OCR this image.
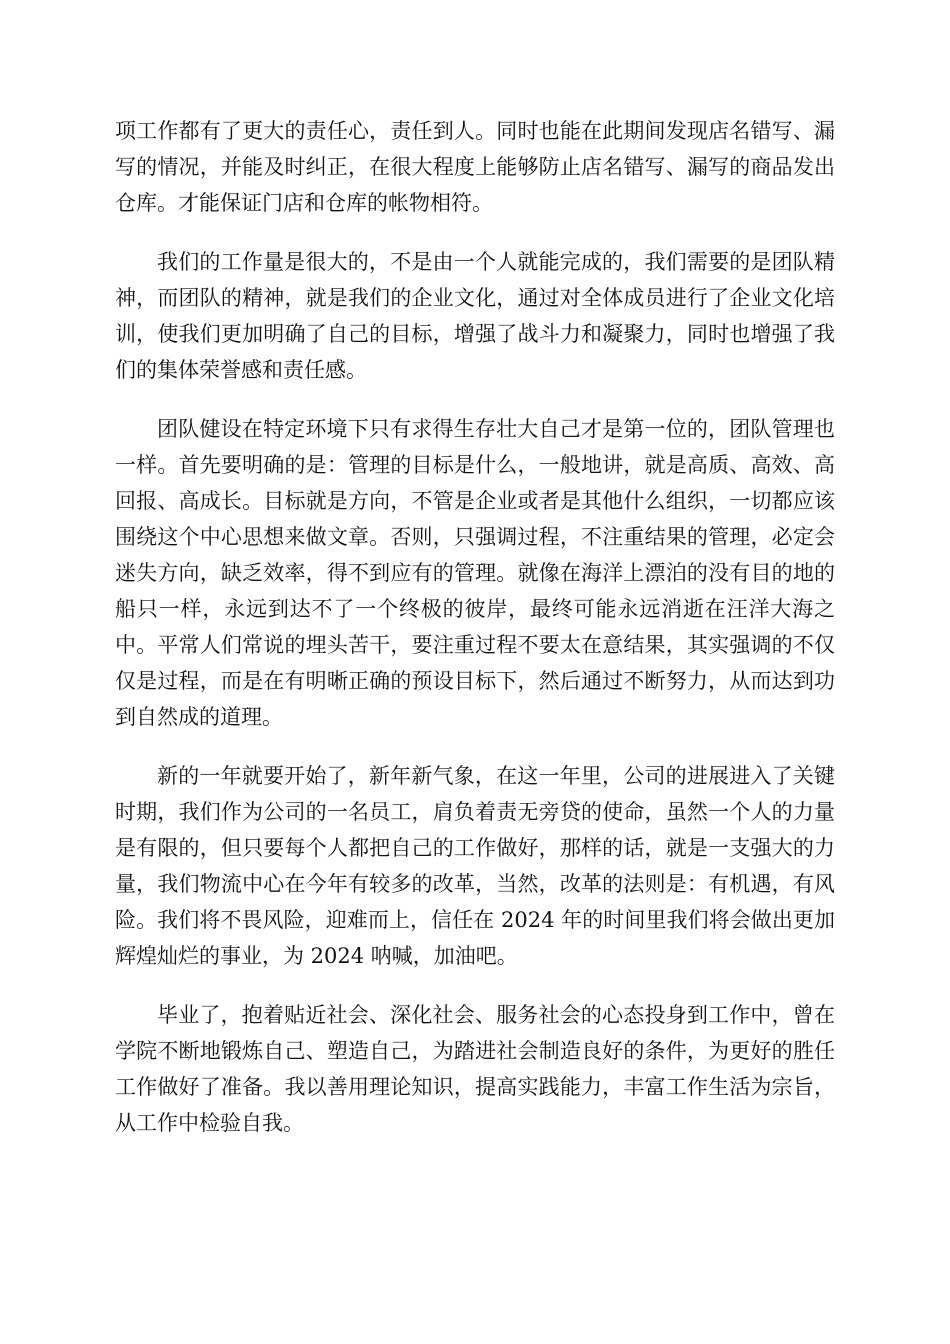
项工作都有了更大的责任心，责任到人。同时也能在此期间发现店名错写、漏写的情况，并能及时纠正，在很大程度上能够防止店名错写、漏写的商品发出仓库。才能保证门店和仓库的帐物相符。

我们的工作量是很大的，不是由一个人就能完成的，我们需要的是团队精神，而团队的精神，就是我们的企业文化，通过对全体成员进行了企业文化培训，使我们更加明确了自己的目标，增强了战斗力和凝聚力，同时也增强了我们的集体荣誉感和责任感。

团队健设在特定环境下只有求得生存壮大自己才是第一位的，团队管理也一样。首先要明确的是：管理的目标是什么，一般地讲，就是高质、高效、高回报、高成长。目标就是方向，不管是企业或者是其他什么组织，一切都应该围绕这个中心思想来做文章。否则，只强调过程，不注重结果的管理，必定会迷失方向，缺乏效率，得不到应有的管理。就像在海洋上漂泊的没有目的地的船只一样，永远到达不了一个终极的彼岸，最终可能永远消逝在汪洋大海之中。平常人们常说的埋头苦干，要注重过程不要太在意结果，其实强调的不仅仅是过程，而是在有明晰正确的预设目标下，然后通过不断努力，从而达到功到自然成的道理。

新的一年就要开始了，新年新气象，在这一年里，公司的进展进入了关键时期，我们作为公司的一名员工，肩负着责无旁贷的使命，虽然一个人的力量是有限的，但只要每个人都把自己的工作做好，那样的话，就是一支强大的力量，我们物流中心在今年有较多的改革，当然，改革的法则是：有机遇，有风险。我们将不畏风险，迎难而上，信任在 2024 年的时间里我们将会做出更加辉煌灿烂的事业，为 2024 呐喊，加油吧。

毕业了，抱着贴近社会、深化社会、服务社会的心态投身到工作中，曾在学院不断地锻炼自己、塑造自己，为踏进社会制造良好的条件，为更好的胜任工作做好了准备。我以善用理论知识，提高实践能力，丰富工作生活为宗旨，从工作中检验自我。
